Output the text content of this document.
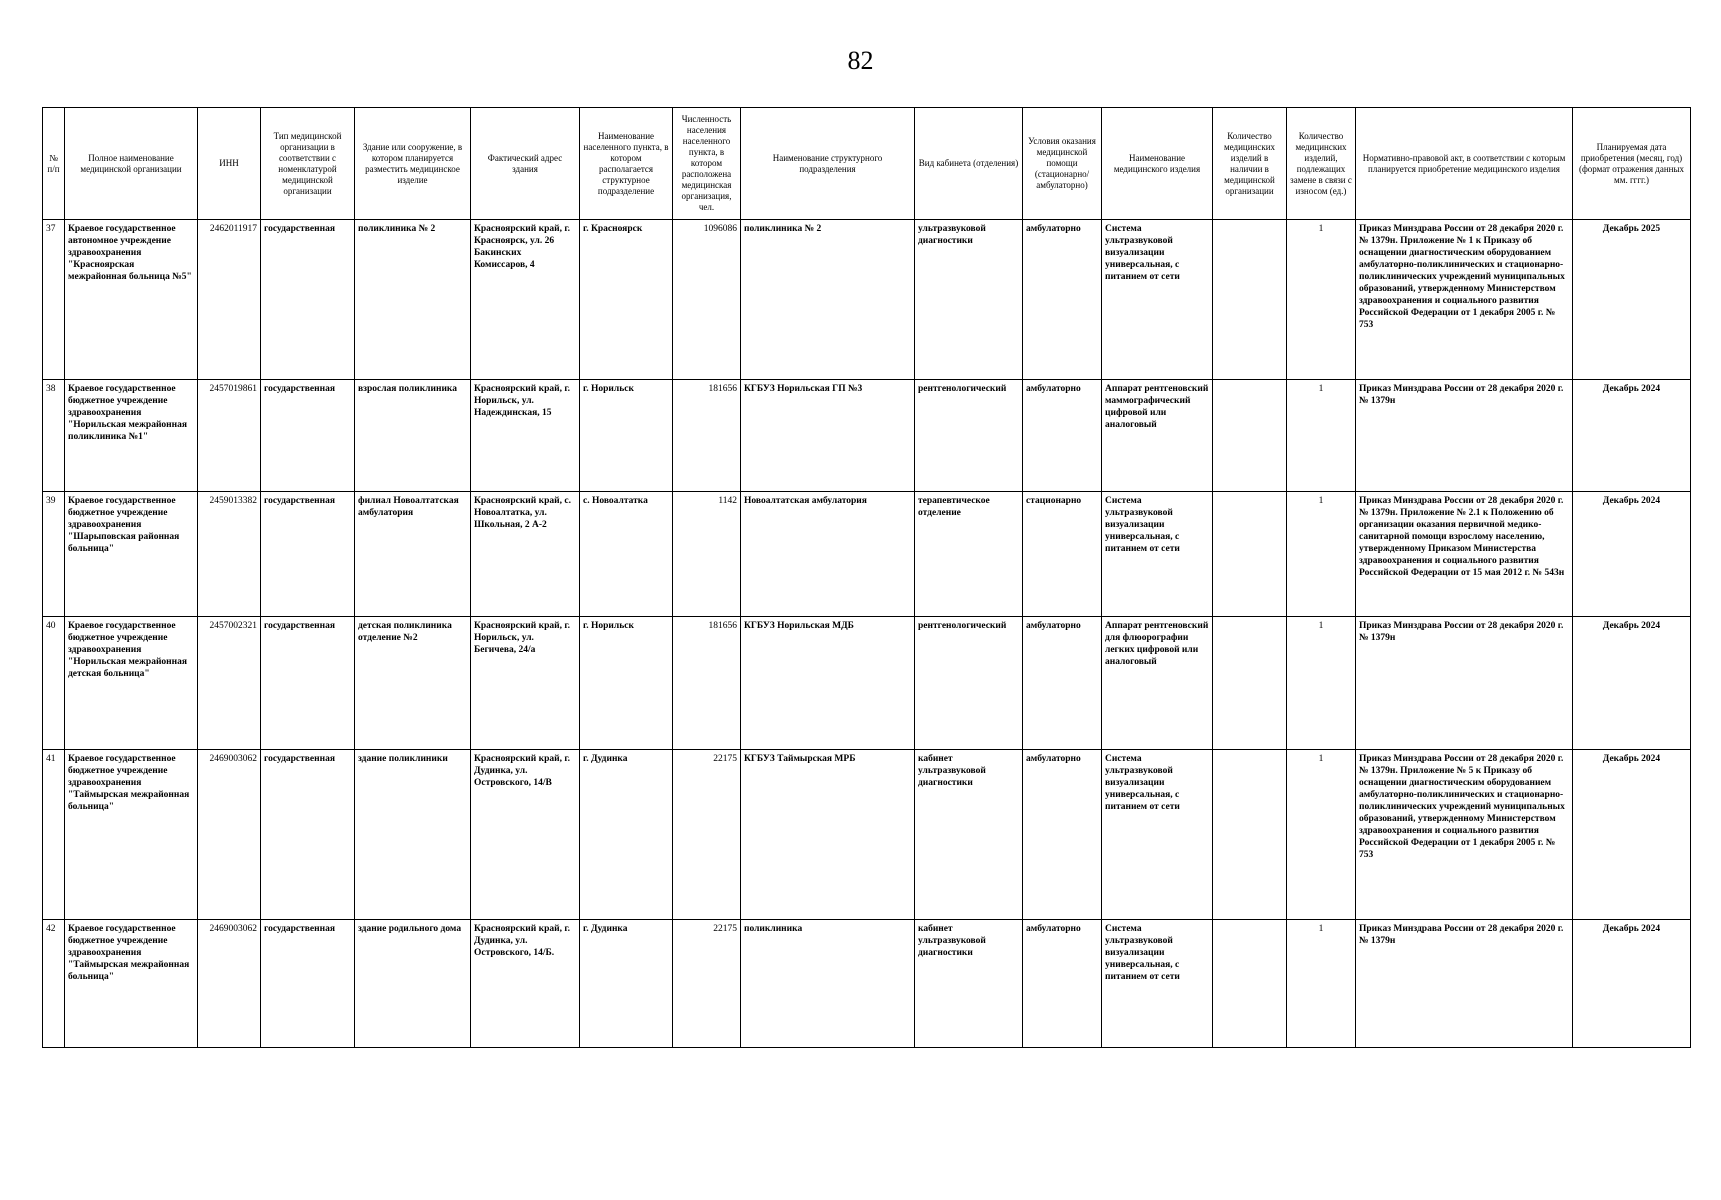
82
№ п/п	Полное наименование медицинской организации	ИНН	Тип медицинской организации в соответствии с номенклатурой медицинской организации	Здание или сооружение, в котором планируется разместить медицинское изделие	Фактический адрес здания	Наименование населенного пункта, в котором располагается структурное подразделение	Численность населения населенного пункта, в котором расположена медицинская организация, чел.	Наименование структурного подразделения	Вид кабинета (отделения)	Условия оказания медицинской помощи (стационарно/ амбулаторно)	Наименование медицинского изделия	Количество медицинских изделий в наличии в медицинской организации	Количество медицинских изделий, подлежащих замене в связи с износом (ед.)	Нормативно-правовой акт, в соответствии с которым планируется приобретение медицинского изделия	Планируемая дата приобретения (месяц, год) (формат отражения данных мм. гггг.)
37	Краевое государственное автономное учреждение здравоохранения "Красноярская межрайонная больница №5"	2462011917	государственная	поликлиника № 2	Красноярский край, г. Красноярск, ул. 26 Бакинских Комиссаров, 4	г. Красноярск	1096086	поликлиника № 2	ультразвуковой диагностики	амбулаторно	Система ультразвуковой визуализации универсальная, с питанием от сети		1	Приказ Минздрава России от 28 декабря 2020 г. № 1379н. Приложение № 1 к Приказу об оснащении диагностическим оборудованием амбулаторно-поликлинических и стационарно-поликлинических учреждений муниципальных образований, утвержденному Министерством здравоохранения и социального развития Российской Федерации от 1 декабря 2005 г. № 753	Декабрь 2025
38	Краевое государственное бюджетное учреждение здравоохранения "Норильская межрайонная поликлиника №1"	2457019861	государственная	взрослая поликлиника	Красноярский край, г. Норильск, ул. Надеждинская, 15	г. Норильск	181656	КГБУЗ Норильская ГП №3	рентгенологический	амбулаторно	Аппарат рентгеновский маммографический цифровой или аналоговый		1	Приказ Минздрава России от 28 декабря 2020 г. № 1379н	Декабрь 2024
39	Краевое государственное бюджетное учреждение здравоохранения "Шарыповская районная больница"	2459013382	государственная	филиал Новоалтатская амбулатория	Красноярский край, с. Новоалтатка, ул. Школьная, 2 А-2	с. Новоалтатка	1142	Новоалтатская амбулатория	терапевтическое отделение	стационарно	Система ультразвуковой визуализации универсальная, с питанием от сети		1	Приказ Минздрава России от 28 декабря 2020 г. № 1379н. Приложение № 2.1 к Положению об организации оказания первичной медико-санитарной помощи взрослому населению, утвержденному Приказом Министерства здравоохранения и социального развития Российской Федерации от 15 мая 2012 г. № 543н	Декабрь 2024
40	Краевое государственное бюджетное учреждение здравоохранения "Норильская межрайонная детская больница"	2457002321	государственная	детская поликлиника отделение №2	Красноярский край, г. Норильск, ул. Бегичева, 24/а	г. Норильск	181656	КГБУЗ Норильская МДБ	рентгенологический	амбулаторно	Аппарат рентгеновский для флюорографии легких цифровой или аналоговый		1	Приказ Минздрава России от 28 декабря 2020 г. № 1379н	Декабрь 2024
41	Краевое государственное бюджетное учреждение здравоохранения "Таймырская межрайонная больница"	2469003062	государственная	здание поликлиники	Красноярский край, г. Дудинка, ул. Островского, 14/В	г. Дудинка	22175	КГБУЗ Таймырская МРБ	кабинет ультразвуковой диагностики	амбулаторно	Система ультразвуковой визуализации универсальная, с питанием от сети		1	Приказ Минздрава России от 28 декабря 2020 г. № 1379н. Приложение № 5 к Приказу об оснащении диагностическим оборудованием амбулаторно-поликлинических и стационарно-поликлинических учреждений муниципальных образований, утвержденному Министерством здравоохранения и социального развития Российской Федерации от 1 декабря 2005 г. № 753	Декабрь 2024
42	Краевое государственное бюджетное учреждение здравоохранения "Таймырская межрайонная больница"	2469003062	государственная	здание родильного дома	Красноярский край, г. Дудинка, ул. Островского, 14/Б.	г. Дудинка	22175	поликлиника	кабинет ультразвуковой диагностики	амбулаторно	Система ультразвуковой визуализации универсальная, с питанием от сети		1	Приказ Минздрава России от 28 декабря 2020 г. № 1379н	Декабрь 2024
